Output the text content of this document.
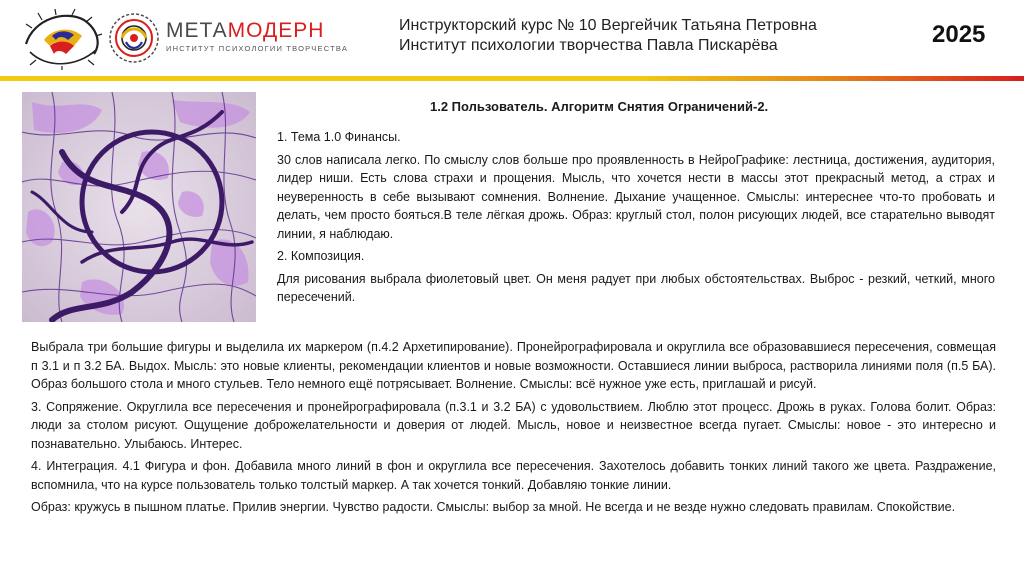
МЕТАМОДЕРН
ИНСТИТУТ ПСИХОЛОГИИ ТВОРЧЕСТВА
Инструкторский курс № 10 Вергейчик Татьяна Петровна
Институт психологии творчества Павла Пискарёва	2025
1.2 Пользователь. Алгоритм Снятия Ограничений-2.

1. Тема 1.0 Финансы.

30 слов написала легко. По смыслу слов больше про проявленность в НейроГрафике: лестница, достижения, аудитория, лидер ниши. Есть слова страхи и прощения. Мысль, что хочется нести в массы этот прекрасный метод, а страх и неуверенность в себе вызывают сомнения. Волнение. Дыхание учащенное. Смыслы: интереснее что-то пробовать и делать, чем просто бояться.В теле лёгкая дрожь. Образ: круглый стол, полон рисующих людей, все старательно выводят линии, я наблюдаю.

2. Композиция.

Для рисования выбрала фиолетовый цвет. Он меня радует при любых обстоятельствах. Выброс - резкий, четкий, много пересечений.

Выбрала три большие фигуры и выделила их маркером (п.4.2 Архетипирование). Пронейрографировала и округлила все образовавшиеся пересечения, совмещая п 3.1 и п 3.2 БА. Выдох. Мысль: это новые клиенты, рекомендации клиентов и новые возможности. Оставшиеся линии выброса, растворила линиями поля (п.5 БА). Образ большого стола и много стульев. Тело немного ещё потрясывает. Волнение. Смыслы: всё нужное уже есть, приглашай и рисуй.

3. Сопряжение. Округлила все пересечения и пронейрографировала (п.3.1 и 3.2 БА) с удовольствием. Люблю этот процесс. Дрожь в руках. Голова болит. Образ: люди за столом рисуют. Ощущение доброжелательности и доверия от людей. Мысль, новое и неизвестное всегда пугает. Смыслы: новое - это интересно и познавательно. Улыбаюсь. Интерес.

4. Интеграция. 4.1 Фигура и фон. Добавила много линий в фон и округлила все пересечения. Захотелось добавить тонких линий такого же цвета. Раздражение, вспомнила, что на курсе пользователь только толстый маркер. А так хочется тонкий. Добавляю тонкие линии.

Образ: кружусь в пышном платье. Прилив энергии. Чувство радости. Смыслы: выбор за мной. Не всегда и не везде нужно следовать правилам. Спокойствие.
